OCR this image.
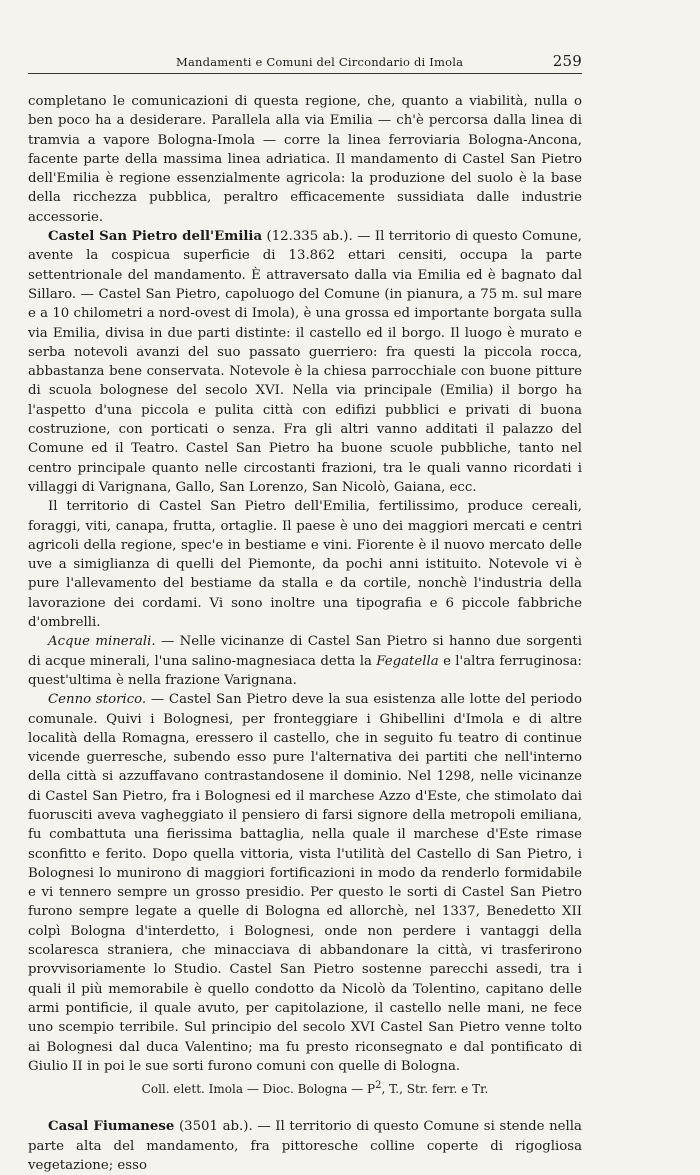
Mandamenti e Comuni del Circondario di Imola	259

completano le comunicazioni di questa regione, che, quanto a viabilità, nulla o ben poco ha a desiderare. Parallela alla via Emilia — ch'è percorsa dalla linea di tramvia a vapore Bologna-Imola — corre la linea ferroviaria Bologna-Ancona, facente parte della massima linea adriatica. Il mandamento di Castel San Pietro dell'Emilia è regione essenzialmente agricola: la produzione del suolo è la base della ricchezza pubblica, peraltro efficacemente sussidiata dalle industrie accessorie.

Castel San Pietro dell'Emilia (12.335 ab.). — Il territorio di questo Comune, avente la cospicua superficie di 13.862 ettari censiti, occupa la parte settentrionale del mandamento. È attraversato dalla via Emilia ed è bagnato dal Sillaro. — Castel San Pietro, capoluogo del Comune (in pianura, a 75 m. sul mare e a 10 chilometri a nord-ovest di Imola), è una grossa ed importante borgata sulla via Emilia, divisa in due parti distinte: il castello ed il borgo. Il luogo è murato e serba notevoli avanzi del suo passato guerriero: fra questi la piccola rocca, abbastanza bene conservata. Notevole è la chiesa parrocchiale con buone pitture di scuola bolognese del secolo XVI. Nella via principale (Emilia) il borgo ha l'aspetto d'una piccola e pulita città con edifizi pubblici e privati di buona costruzione, con porticati o senza. Fra gli altri vanno additati il palazzo del Comune ed il Teatro. Castel San Pietro ha buone scuole pubbliche, tanto nel centro principale quanto nelle circostanti frazioni, tra le quali vanno ricordati i villaggi di Varignana, Gallo, San Lorenzo, San Nicolò, Gaiana, ecc.

Il territorio di Castel San Pietro dell'Emilia, fertilissimo, produce cereali, foraggi, viti, canapa, frutta, ortaglie. Il paese è uno dei maggiori mercati e centri agricoli della regione, spec'e in bestiame e vini. Fiorente è il nuovo mercato delle uve a simiglianza di quelli del Piemonte, da pochi anni istituito. Notevole vi è pure l'allevamento del bestiame da stalla e da cortile, nonchè l'industria della lavorazione dei cordami. Vi sono inoltre una tipografia e 6 piccole fabbriche d'ombrelli.

Acque minerali. — Nelle vicinanze di Castel San Pietro si hanno due sorgenti di acque minerali, l'una salino-magnesiaca detta la Fegatella e l'altra ferruginosa: quest'ultima è nella frazione Varignana.

Cenno storico. — Castel San Pietro deve la sua esistenza alle lotte del periodo comunale. Quivi i Bolognesi, per fronteggiare i Ghibellini d'Imola e di altre località della Romagna, eressero il castello, che in seguito fu teatro di continue vicende guerresche, subendo esso pure l'alternativa dei partiti che nell'interno della città si azzuffavano contrastandosene il dominio. Nel 1298, nelle vicinanze di Castel San Pietro, fra i Bolognesi ed il marchese Azzo d'Este, che stimolato dai fuorusciti aveva vagheggiato il pensiero di farsi signore della metropoli emiliana, fu combattuta una fierissima battaglia, nella quale il marchese d'Este rimase sconfitto e ferito. Dopo quella vittoria, vista l'utilità del Castello di San Pietro, i Bolognesi lo munirono di maggiori fortificazioni in modo da renderlo formidabile e vi tennero sempre un grosso presidio. Per questo le sorti di Castel San Pietro furono sempre legate a quelle di Bologna ed allorchè, nel 1337, Benedetto XII colpì Bologna d'interdetto, i Bolognesi, onde non perdere i vantaggi della scolaresca straniera, che minacciava di abbandonare la città, vi trasferirono provvisoriamente lo Studio. Castel San Pietro sostenne parecchi assedi, tra i quali il più memorabile è quello condotto da Nicolò da Tolentino, capitano delle armi pontificie, il quale avuto, per capitolazione, il castello nelle mani, ne fece uno scempio terribile. Sul principio del secolo XVI Castel San Pietro venne tolto ai Bolognesi dal duca Valentino; ma fu presto riconsegnato e dal pontificato di Giulio II in poi le sue sorti furono comuni con quelle di Bologna.

Coll. elett. Imola — Dioc. Bologna — $P^2$, T., Str. ferr. e Tr.

Casal Fiumanese (3501 ab.). — Il territorio di questo Comune si stende nella parte alta del mandamento, fra pittoresche colline coperte di rigogliosa vegetazione; esso
